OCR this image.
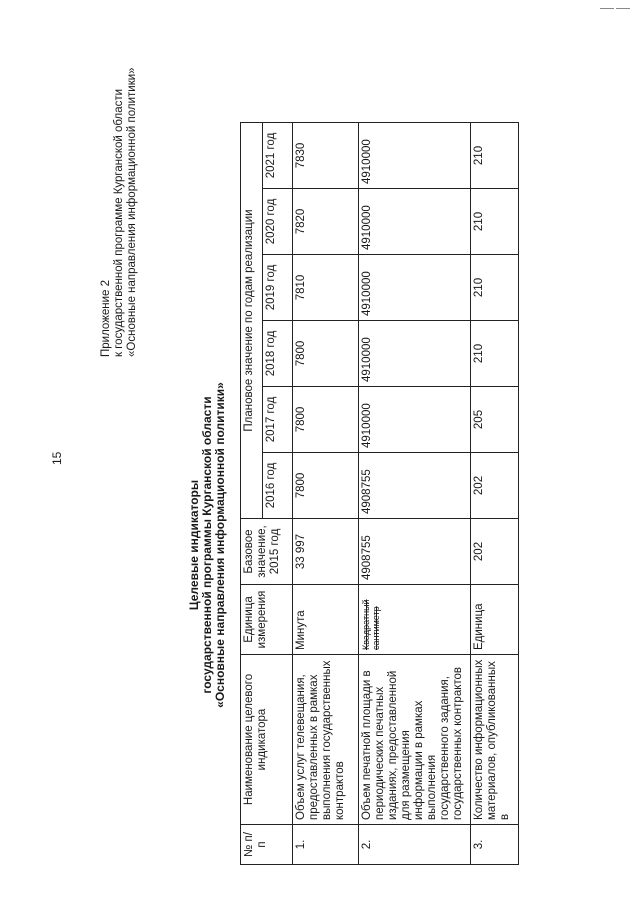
15
Приложение 2 к государственной программе Курганской области «Основные направления информационной политики»
Целевые индикаторы государственной программы Курганской области «Основные направления информационной политики»
№ п/п	Наименование целевого индикатора	Единица измерения	Базовое значение, 2015 год	Плановое значение по годам реализации					
				2016 год	2017 год	2018 год	2019 год	2020 год	2021 год
1.	Объем услуг телевещания, предоставленных в рамках выполнения государственных контрактов	Минута	33 997	7800	7800	7800	7810	7820	7830
2.	Объем печатной площади в периодических печатных изданиях, предоставленной для размещения информации в рамках выполнения государственного задания, государственных контрактов	Квадратный сантиметр	4908755	4908755	4910000	4910000	4910000	4910000	4910000
3.	Количество информационных материалов, опубликованных в	Единица	202	202	205	210	210	210	210
